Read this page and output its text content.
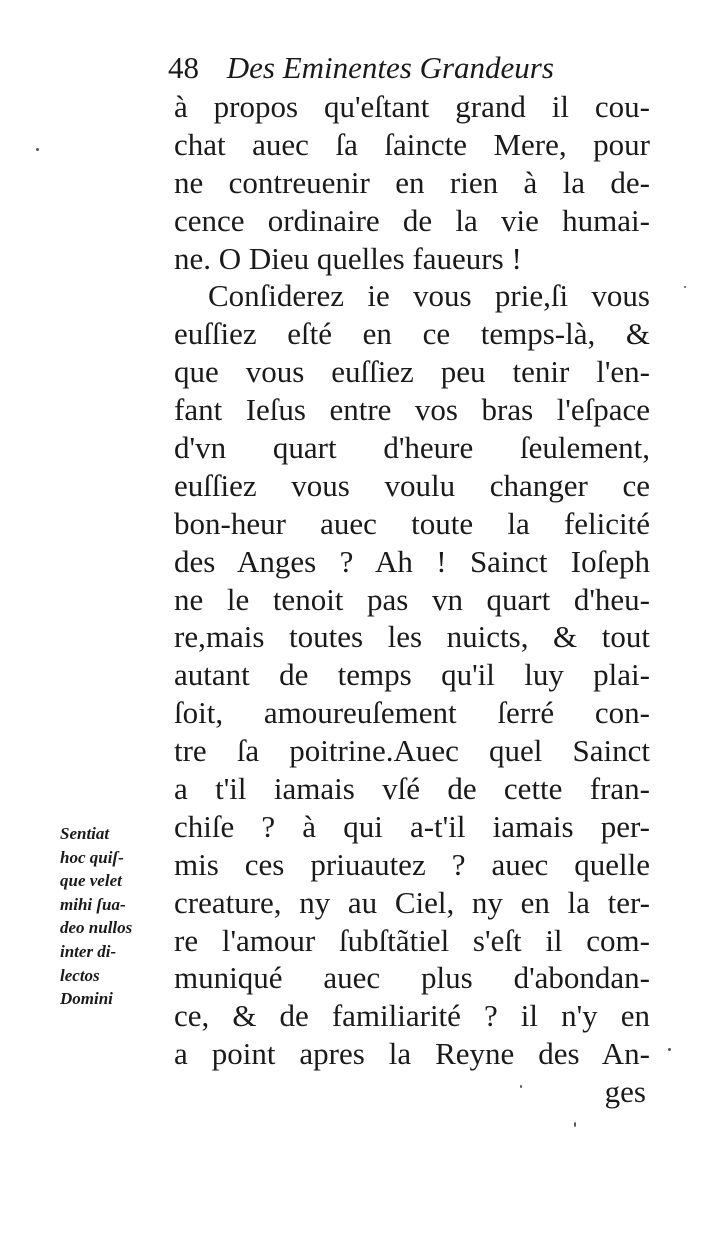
48 Des Eminentes Grandeurs
à propos qu'eſtant grand il cou-
chat auec ſa ſaincte Mere, pour
ne contreuenir en rien à la de-
cence ordinaire de la vie humai-
ne. O Dieu quelles faueurs !
Conſiderez ie vous prie,ſi vous
euſſiez eſté en ce temps-là, &
que vous euſſiez peu tenir l'en-
fant Ieſus entre vos bras l'eſpace
d'vn quart d'heure ſeulement,
euſſiez vous voulu changer ce
bon-heur auec toute la felicité
des Anges ? Ah ! Sainct Ioſeph
ne le tenoit pas vn quart d'heu-
re,mais toutes les nuicts, & tout
autant de temps qu'il luy plai-
ſoit, amoureuſement ſerré con-
tre ſa poitrine.Auec quel Sainct
a t'il iamais vſé de cette fran-
chiſe ? à qui a-t'il iamais per-
mis ces priuautez ? auec quelle
creature, ny au Ciel, ny en la ter-
re l'amour ſubſtãtiel s'eſt il com-
muniqué auec plus d'abondan-
ce, & de familiarité ? il n'y en
a point apres la Reyne des An-
ges
Sentiat
hoc quiſ-
que velet
mihi ſua-
deo nullos
inter di-
lectos
Domini
